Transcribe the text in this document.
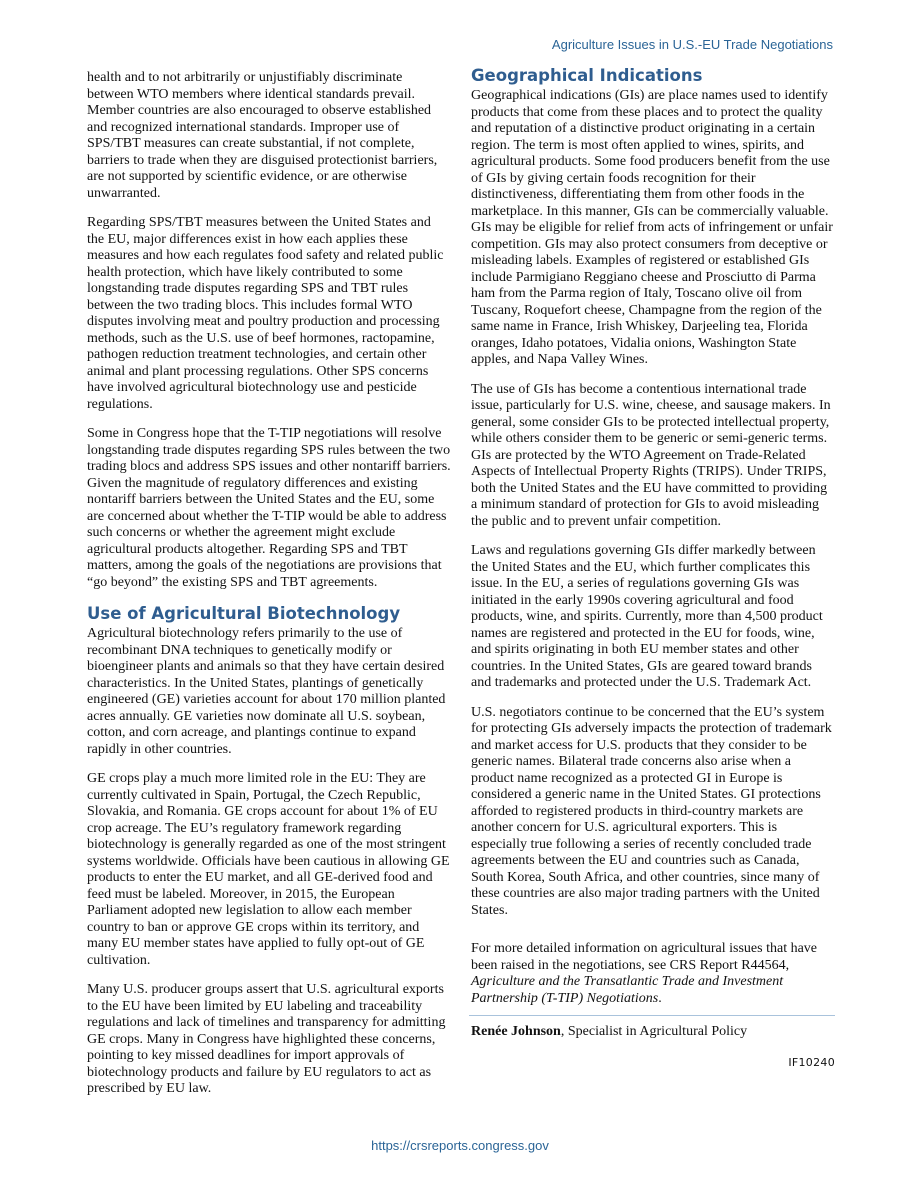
Agriculture Issues in U.S.-EU Trade Negotiations

health and to not arbitrarily or unjustifiably discriminate between WTO members where identical standards prevail. Member countries are also encouraged to observe established and recognized international standards. Improper use of SPS/TBT measures can create substantial, if not complete, barriers to trade when they are disguised protectionist barriers, are not supported by scientific evidence, or are otherwise unwarranted.

Regarding SPS/TBT measures between the United States and the EU, major differences exist in how each applies these measures and how each regulates food safety and related public health protection, which have likely contributed to some longstanding trade disputes regarding SPS and TBT rules between the two trading blocs. This includes formal WTO disputes involving meat and poultry production and processing methods, such as the U.S. use of beef hormones, ractopamine, pathogen reduction treatment technologies, and certain other animal and plant processing regulations. Other SPS concerns have involved agricultural biotechnology use and pesticide regulations.

Some in Congress hope that the T-TIP negotiations will resolve longstanding trade disputes regarding SPS rules between the two trading blocs and address SPS issues and other nontariff barriers. Given the magnitude of regulatory differences and existing nontariff barriers between the United States and the EU, some are concerned about whether the T-TIP would be able to address such concerns or whether the agreement might exclude agricultural products altogether. Regarding SPS and TBT matters, among the goals of the negotiations are provisions that “go beyond” the existing SPS and TBT agreements.

Use of Agricultural Biotechnology

Agricultural biotechnology refers primarily to the use of recombinant DNA techniques to genetically modify or bioengineer plants and animals so that they have certain desired characteristics. In the United States, plantings of genetically engineered (GE) varieties account for about 170 million planted acres annually. GE varieties now dominate all U.S. soybean, cotton, and corn acreage, and plantings continue to expand rapidly in other countries.

GE crops play a much more limited role in the EU: They are currently cultivated in Spain, Portugal, the Czech Republic, Slovakia, and Romania. GE crops account for about 1% of EU crop acreage. The EU’s regulatory framework regarding biotechnology is generally regarded as one of the most stringent systems worldwide. Officials have been cautious in allowing GE products to enter the EU market, and all GE-derived food and feed must be labeled. Moreover, in 2015, the European Parliament adopted new legislation to allow each member country to ban or approve GE crops within its territory, and many EU member states have applied to fully opt-out of GE cultivation.

Many U.S. producer groups assert that U.S. agricultural exports to the EU have been limited by EU labeling and traceability regulations and lack of timelines and transparency for admitting GE crops. Many in Congress have highlighted these concerns, pointing to key missed deadlines for import approvals of biotechnology products and failure by EU regulators to act as prescribed by EU law.

Geographical Indications

Geographical indications (GIs) are place names used to identify products that come from these places and to protect the quality and reputation of a distinctive product originating in a certain region. The term is most often applied to wines, spirits, and agricultural products. Some food producers benefit from the use of GIs by giving certain foods recognition for their distinctiveness, differentiating them from other foods in the marketplace. In this manner, GIs can be commercially valuable. GIs may be eligible for relief from acts of infringement or unfair competition. GIs may also protect consumers from deceptive or misleading labels. Examples of registered or established GIs include Parmigiano Reggiano cheese and Prosciutto di Parma ham from the Parma region of Italy, Toscano olive oil from Tuscany, Roquefort cheese, Champagne from the region of the same name in France, Irish Whiskey, Darjeeling tea, Florida oranges, Idaho potatoes, Vidalia onions, Washington State apples, and Napa Valley Wines.

The use of GIs has become a contentious international trade issue, particularly for U.S. wine, cheese, and sausage makers. In general, some consider GIs to be protected intellectual property, while others consider them to be generic or semi-generic terms. GIs are protected by the WTO Agreement on Trade-Related Aspects of Intellectual Property Rights (TRIPS). Under TRIPS, both the United States and the EU have committed to providing a minimum standard of protection for GIs to avoid misleading the public and to prevent unfair competition.

Laws and regulations governing GIs differ markedly between the United States and the EU, which further complicates this issue. In the EU, a series of regulations governing GIs was initiated in the early 1990s covering agricultural and food products, wine, and spirits. Currently, more than 4,500 product names are registered and protected in the EU for foods, wine, and spirits originating in both EU member states and other countries. In the United States, GIs are geared toward brands and trademarks and protected under the U.S. Trademark Act.

U.S. negotiators continue to be concerned that the EU’s system for protecting GIs adversely impacts the protection of trademark and market access for U.S. products that they consider to be generic names. Bilateral trade concerns also arise when a product name recognized as a protected GI in Europe is considered a generic name in the United States. GI protections afforded to registered products in third-country markets are another concern for U.S. agricultural exporters. This is especially true following a series of recently concluded trade agreements between the EU and countries such as Canada, South Korea, South Africa, and other countries, since many of these countries are also major trading partners with the United States.

For more detailed information on agricultural issues that have been raised in the negotiations, see CRS Report R44564, Agriculture and the Transatlantic Trade and Investment Partnership (T-TIP) Negotiations.

Renée Johnson, Specialist in Agricultural Policy

IF10240
https://crsreports.congress.gov
